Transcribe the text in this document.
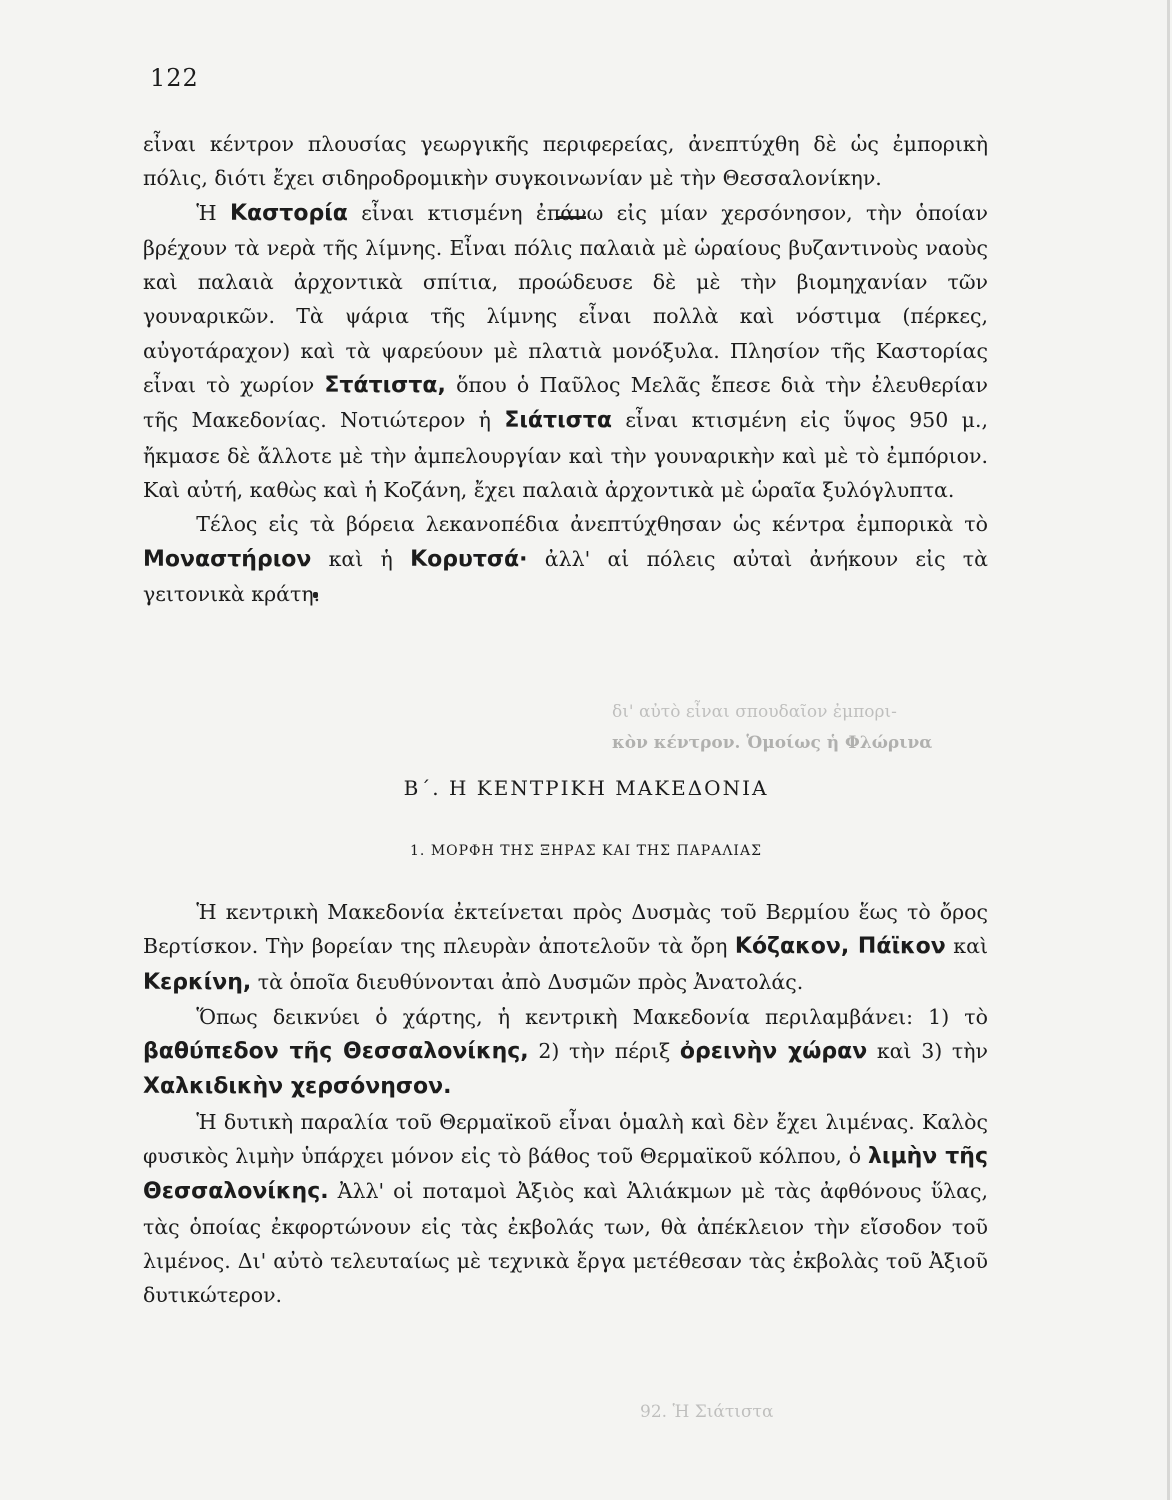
δι' αὐτὸ εἶναι σπουδαῖον ἐμπορι-
κὸν κέντρον. Ὁμοίως ἡ Φλώρινα
92. Ἡ Σιάτιστα
122

εἶναι κέντρον πλουσίας γεωργικῆς περιφερείας, ἀνεπτύχθη δὲ ὡς ἐμπορικὴ πόλις, διότι ἔχει σιδηροδρομικὴν συγκοινωνίαν μὲ τὴν Θεσσαλονίκην.

Ἡ Καστορία εἶναι κτισμένη ἐπάνω εἰς μίαν χερσόνησον, τὴν ὁποίαν βρέχουν τὰ νερὰ τῆς λίμνης. Εἶναι πόλις παλαιὰ μὲ ὡραίους βυζαντινοὺς ναοὺς καὶ παλαιὰ ἀρχοντικὰ σπίτια, προώδευσε δὲ μὲ τὴν βιομηχανίαν τῶν γουναρικῶν. Τὰ ψάρια τῆς λίμνης εἶναι πολλὰ καὶ νόστιμα (πέρκες, αὐγοτάραχον) καὶ τὰ ψαρεύουν μὲ πλατιὰ μονόξυλα. Πλησίον τῆς Καστορίας εἶναι τὸ χωρίον Στάτιστα, ὅπου ὁ Παῦλος Μελᾶς ἔπεσε διὰ τὴν ἐλευθερίαν τῆς Μακεδονίας. Νοτιώτερον ἡ Σιάτιστα εἶναι κτισμένη εἰς ὕψος 950 μ., ἤκμασε δὲ ἄλλοτε μὲ τὴν ἀμπελουργίαν καὶ τὴν γουναρικὴν καὶ μὲ τὸ ἐμπόριον. Καὶ αὐτή, καθὼς καὶ ἡ Κοζάνη, ἔχει παλαιὰ ἀρχοντικὰ μὲ ὡραῖα ξυλόγλυπτα.

Τέλος εἰς τὰ βόρεια λεκανοπέδια ἀνεπτύχθησαν ὡς κέντρα ἐμπορικὰ τὸ Μοναστήριον καὶ ἡ Κορυτσά· ἀλλ' αἱ πόλεις αὐταὶ ἀνήκουν εἰς τὰ γειτονικὰ κράτη.

Β΄. Η ΚΕΝΤΡΙΚΗ ΜΑΚΕΔΟΝΙΑ
1. ΜΟΡΦΗ ΤΗΣ ΞΗΡΑΣ ΚΑΙ ΤΗΣ ΠΑΡΑΛΙΑΣ

Ἡ κεντρικὴ Μακεδονία ἐκτείνεται πρὸς Δυσμὰς τοῦ Βερμίου ἕως τὸ ὄρος Βερτίσκον. Τὴν βορείαν της πλευρὰν ἀποτελοῦν τὰ ὄρη Κόζακον, Πάϊκον καὶ Κερκίνη, τὰ ὁποῖα διευθύνονται ἀπὸ Δυσμῶν πρὸς Ἀνατολάς.

Ὅπως δεικνύει ὁ χάρτης, ἡ κεντρικὴ Μακεδονία περιλαμβάνει: 1) τὸ βαθύπεδον τῆς Θεσσαλονίκης, 2) τὴν πέριξ ὀρεινὴν χώραν καὶ 3) τὴν Χαλκιδικὴν χερσόνησον.

Ἡ δυτικὴ παραλία τοῦ Θερμαϊκοῦ εἶναι ὁμαλὴ καὶ δὲν ἔχει λιμένας. Καλὸς φυσικὸς λιμὴν ὑπάρχει μόνον εἰς τὸ βάθος τοῦ Θερμαϊκοῦ κόλπου, ὁ λιμὴν τῆς Θεσσαλονίκης. Ἀλλ' οἱ ποταμοὶ Ἀξιὸς καὶ Ἁλιάκμων μὲ τὰς ἀφθόνους ὕλας, τὰς ὁποίας ἐκφορτώνουν εἰς τὰς ἐκβολάς των, θὰ ἀπέκλειον τὴν εἴσοδον τοῦ λιμένος. Δι' αὐτὸ τελευταίως μὲ τεχνικὰ ἔργα μετέθεσαν τὰς ἐκβολὰς τοῦ Ἀξιοῦ δυτικώτερον.
